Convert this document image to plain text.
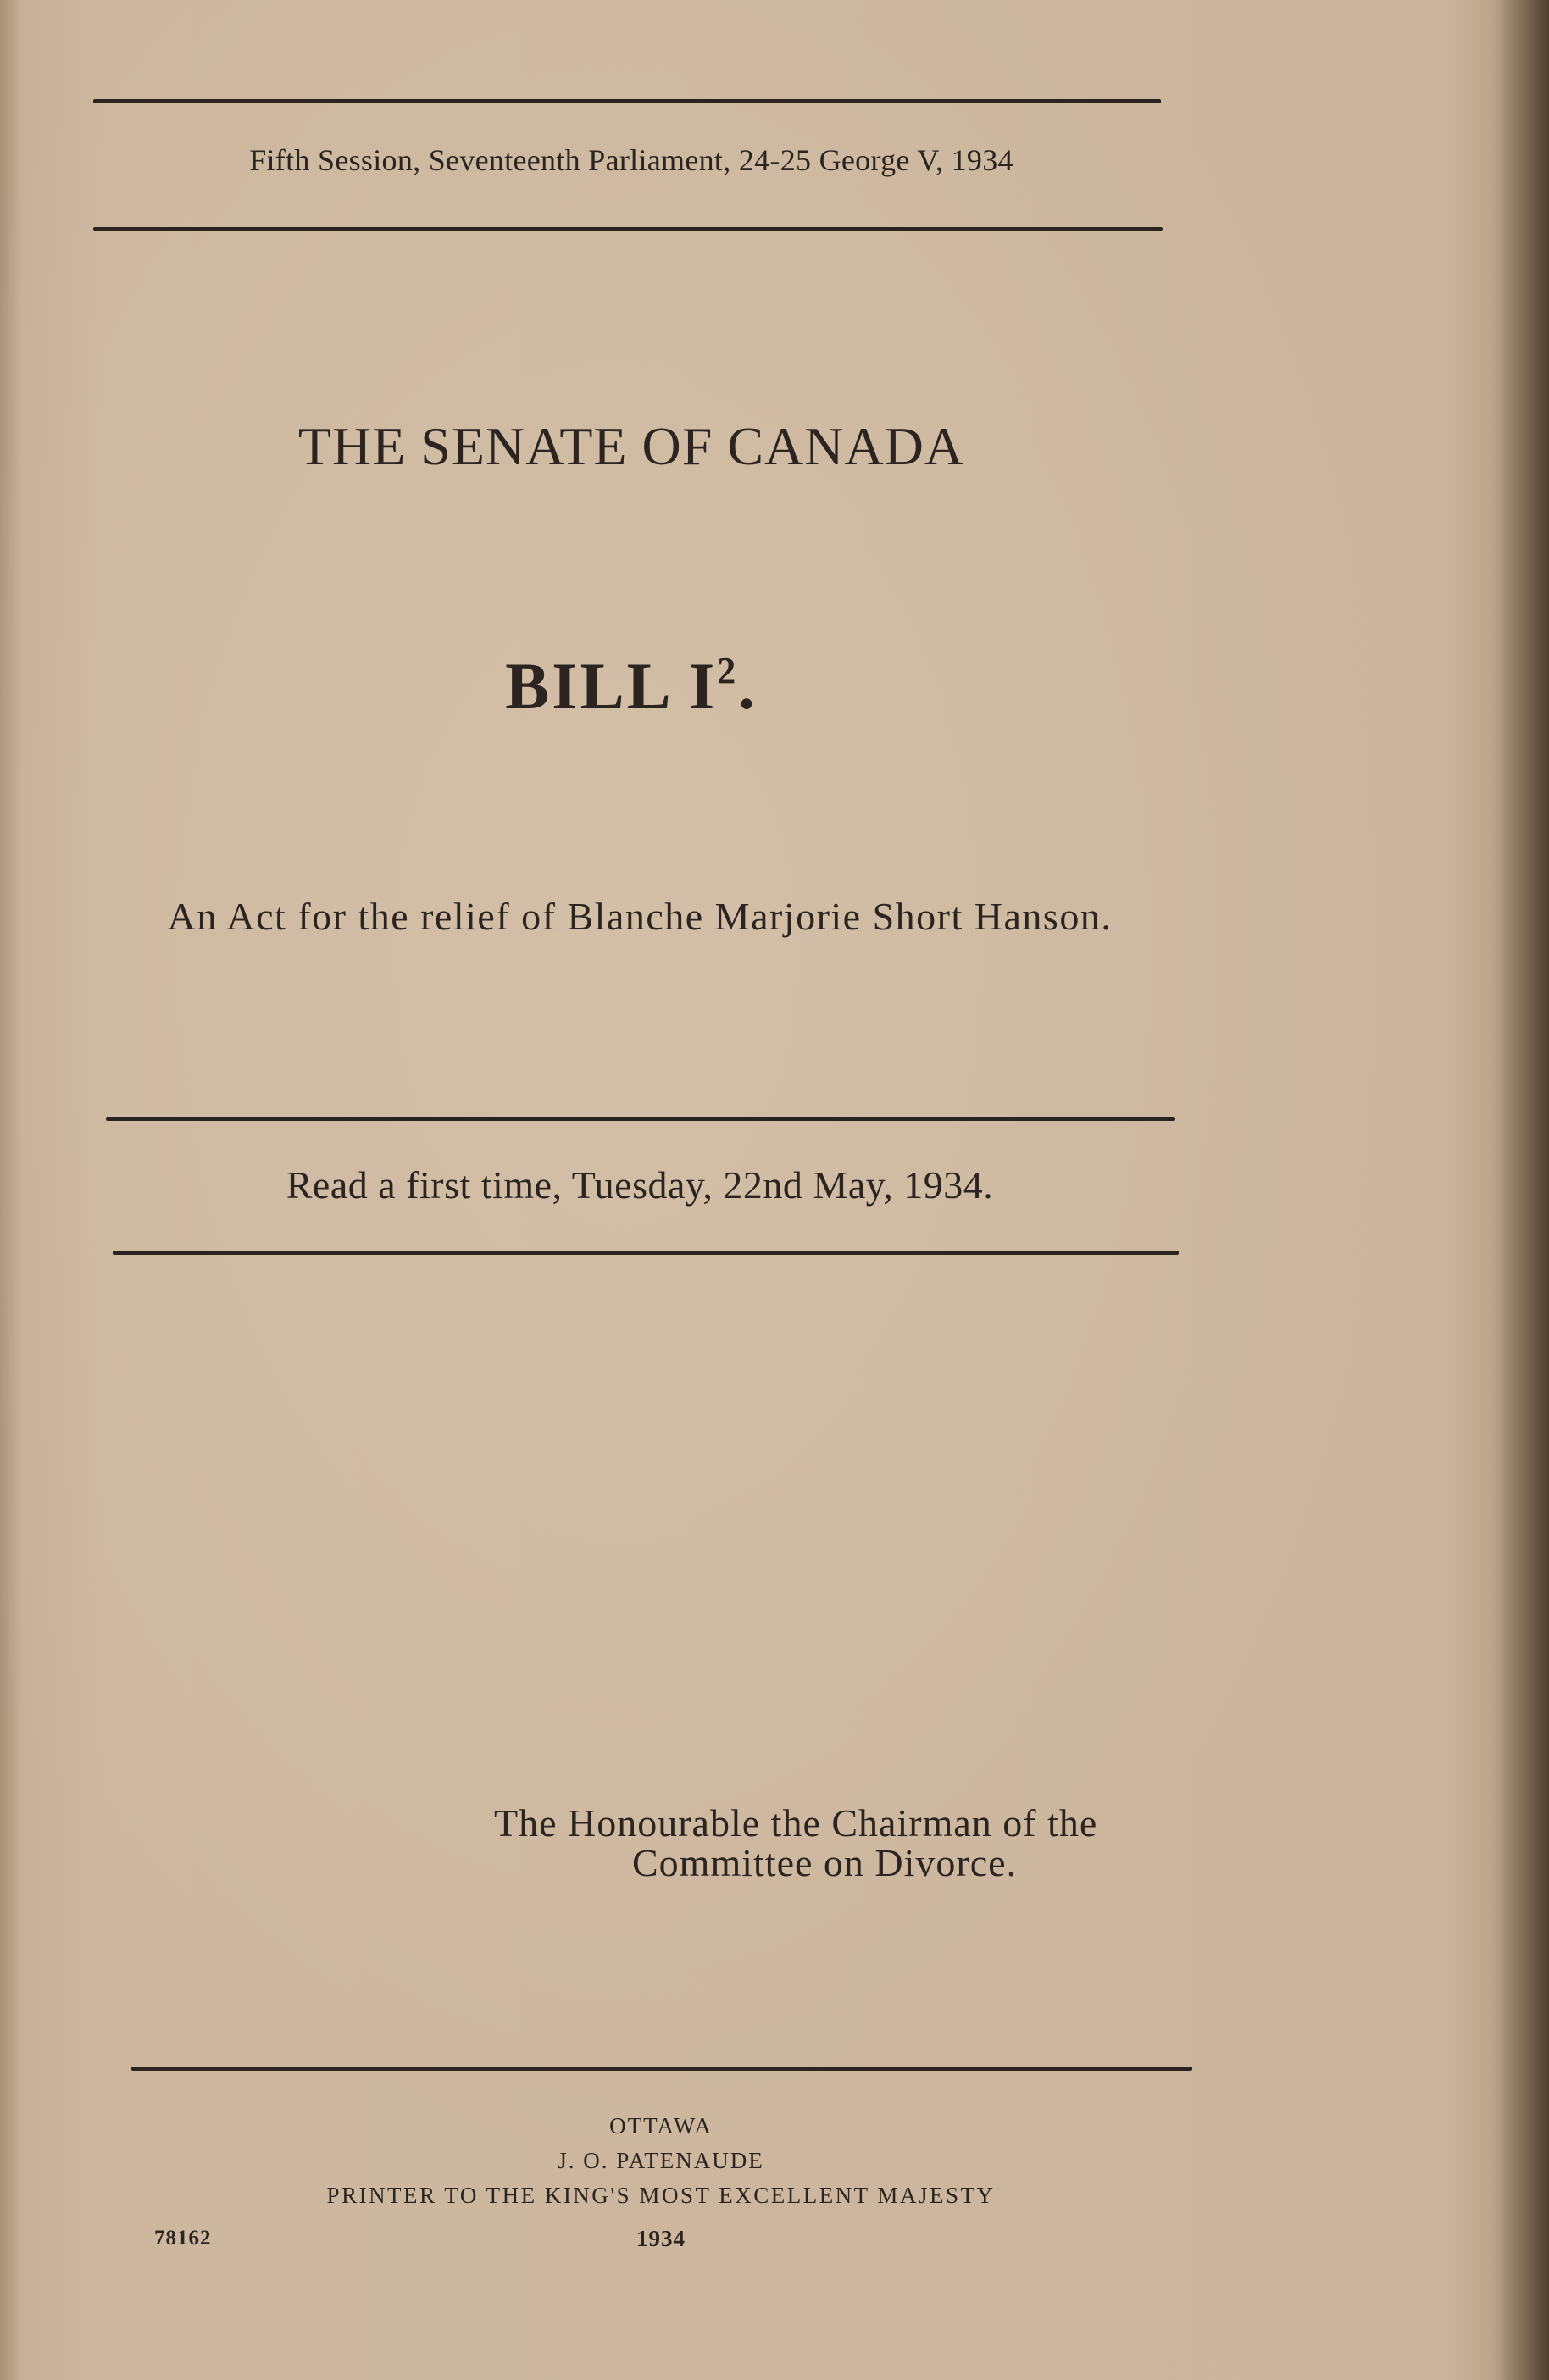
Fifth Session, Seventeenth Parliament, 24-25 George V, 1934
THE SENATE OF CANADA
BILL $I^2$.
An Act for the relief of Blanche Marjorie Short Hanson.
Read a first time, Tuesday, 22nd May, 1934.
The Honourable the Chairman of the
Committee on Divorce.
OTTAWA
J. O. PATENAUDE
PRINTER TO THE KING'S MOST EXCELLENT MAJESTY
1934
78162
